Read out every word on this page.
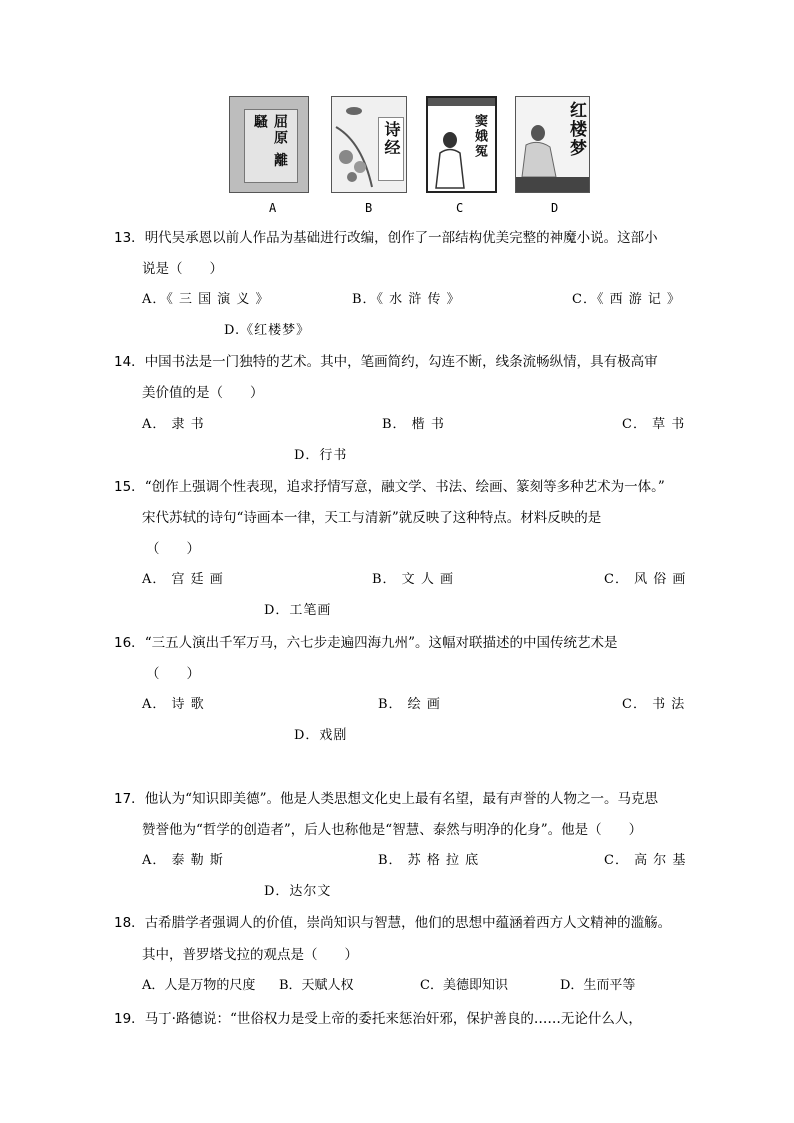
屈原 離騷	诗经	窦娥冤	红楼梦
A	B	C	D
13．明代吴承恩以前人作品为基础进行改编，创作了一部结构优美完整的神魔小说。这部小
说是（　　）
A．《 三 国 演 义 》	B．《 水 浒 传 》	C．《 西 游 记 》
D.《红楼梦》
14．中国书法是一门独特的艺术。其中，笔画简约，勾连不断，线条流畅纵情，具有极高审
美价值的是（　　）
A． 隶 书	B． 楷 书	C． 草 书
D．行书
15．“创作上强调个性表现，追求抒情写意，融文学、书法、绘画、篆刻等多种艺术为一体。”
宋代苏轼的诗句“诗画本一律，天工与清新”就反映了这种特点。材料反映的是
（　　）
A． 宫 廷 画	B． 文 人 画	C． 风 俗 画
D．工笔画
16．“三五人演出千军万马，六七步走遍四海九州”。这幅对联描述的中国传统艺术是
（　　）
A． 诗 歌	B． 绘 画	C． 书 法
D．戏剧
17．他认为“知识即美德”。他是人类思想文化史上最有名望，最有声誉的人物之一。马克思
赞誉他为“哲学的创造者”，后人也称他是“智慧、泰然与明净的化身”。他是（　　）
A． 泰 勒 斯	B． 苏 格 拉 底	C． 高 尔 基
D．达尔文
18．古希腊学者强调人的价值，崇尚知识与智慧，他们的思想中蕴涵着西方人文精神的滥觞。
其中，普罗塔戈拉的观点是（　　）
A．人是万物的尺度 B．天赋人权	C．美德即知识	D．生而平等
19．马丁·路德说：“世俗权力是受上帝的委托来惩治奸邪，保护善良的……无论什么人，
